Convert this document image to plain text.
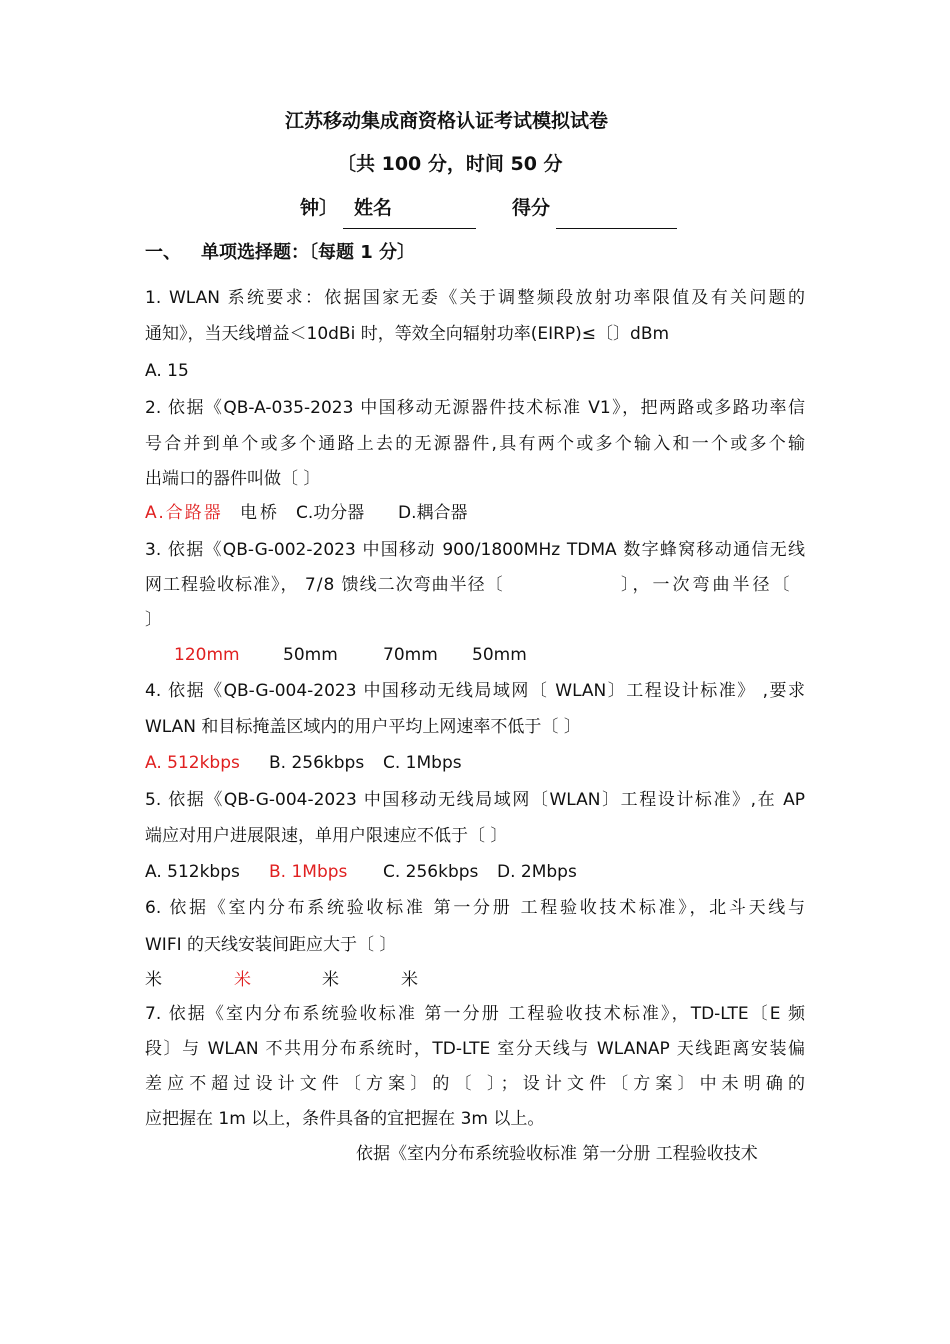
江苏移动集成商资格认证考试模拟试卷
〔共 100 分，时间 50 分
钟〕 姓名	得分
一、 单项选择题：〔每题 1 分〕
1. WLAN 系统要求：依据国家无委《关于调整频段放射功率限值及有关问题的
通知》，当天线增益＜10dBi 时，等效全向辐射功率(EIRP)≤〔〕dBm
A. 15
2. 依据《QB-A-035-2023 中国移动无源器件技术标准 V1》，把两路或多路功率信
号合并到单个或多个通路上去的无源器件,具有两个或多个输入和一个或多个输
出端口的器件叫做〔 〕
A.合路器 电桥 C.功分器 D.耦合器
3. 依据《QB-G-002-2023 中国移动 900/1800MHz TDMA 数字蜂窝移动通信无线
网工程验收标准》， 7/8 馈线二次弯曲半径〔	〕，一次弯曲半径〔
〕
120mm	50mm	70mm 50mm
4. 依据《QB-G-004-2023 中国移动无线局域网〔 WLAN〕工程设计标准》 ,要求
WLAN 和目标掩盖区域内的用户平均上网速率不低于〔 〕
A. 512kbps B. 256kbps C. 1Mbps
5. 依据《QB-G-004-2023 中国移动无线局域网〔WLAN〕工程设计标准》,在 AP
端应对用户进展限速，单用户限速应不低于〔 〕
A. 512kbps B. 1Mbps C. 256kbps D. 2Mbps
6. 依据《室内分布系统验收标准 第一分册 工程验收技术标准》，北斗天线与
WIFI 的天线安装间距应大于〔 〕
米	米	米	米
7. 依据《室内分布系统验收标准 第一分册 工程验收技术标准》，TD-LTE〔E 频
段〕与 WLAN 不共用分布系统时，TD-LTE 室分天线与 WLANAP 天线距离安装偏
差应不超过设计文件〔方案〕的〔 〕；设计文件〔方案〕中未明确的
应把握在 1m 以上，条件具备的宜把握在 3m 以上。
依据《室内分布系统验收标准 第一分册 工程验收技术
